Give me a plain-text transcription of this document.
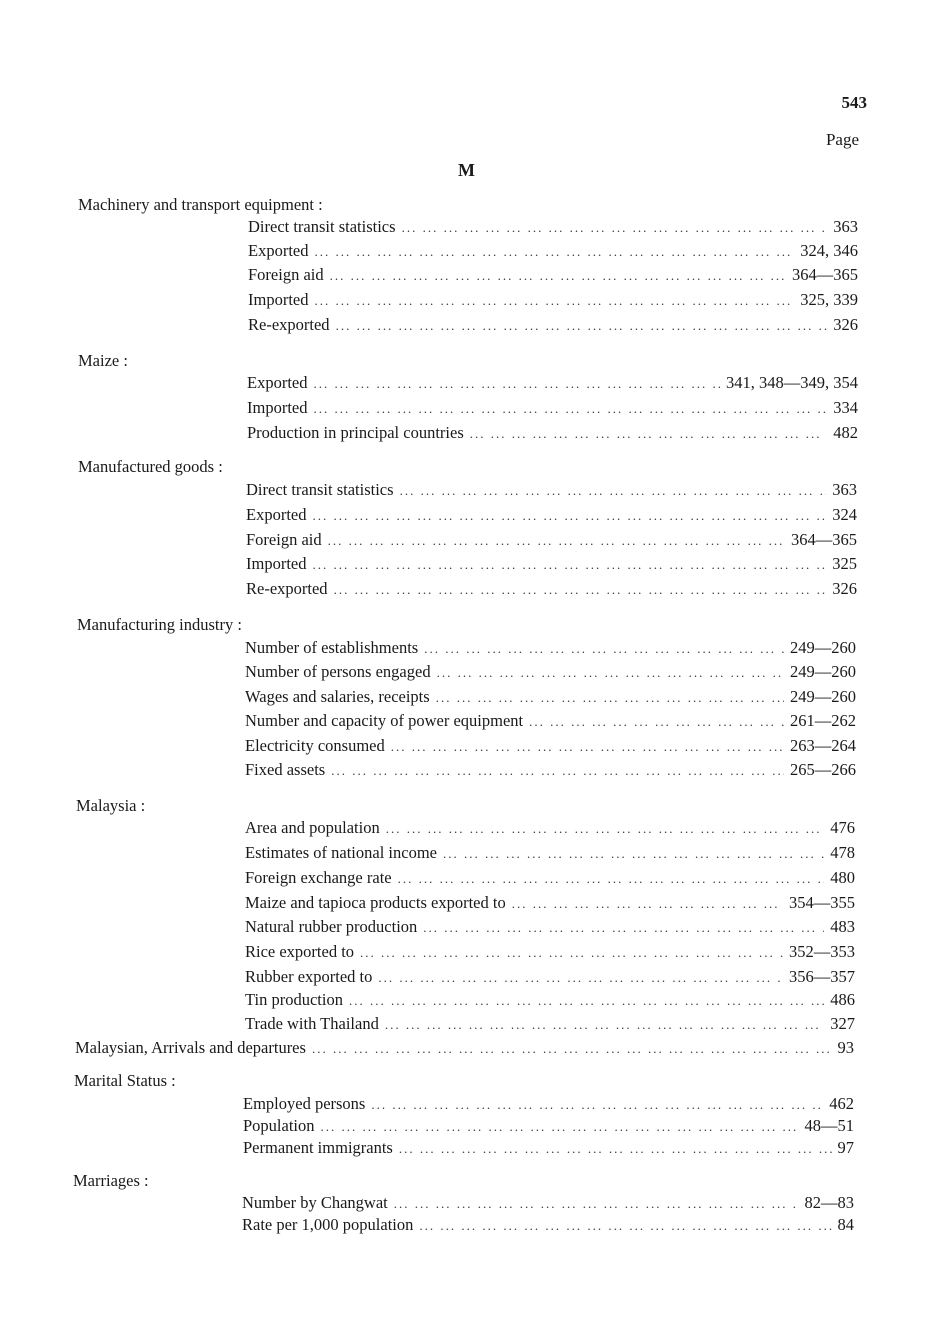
543
Page
M
Machinery and transport equipment :
Direct transit statistics ... .	363
Exported ... .	324, 346
Foreign aid ... .	364—365
Imported ... .	325, 339
Re-exported ... .	326
Maize :
Exported ... .	341, 348—349, 354
Imported ... .	334
Production in principal countries ... .	482
Manufactured goods :
Direct transit statistics ... .	363
Exported ... .	324
Foreign aid ... .	364—365
Imported ... .	325
Re-exported ... .	326
Manufacturing industry :
Number of establishments ... .	249—260
Number of persons engaged ... .	249—260
Wages and salaries, receipts ... .	249—260
Number and capacity of power equipment ... .	261—262
Electricity consumed ... .	263—264
Fixed assets ... .	265—266
Malaysia :
Area and population ... .	476
Estimates of national income ... .	478
Foreign exchange rate ... .	480
Maize and tapioca products exported to ... .	354—355
Natural rubber production ... .	483
Rice exported to ... .	352—353
Rubber exported to ... .	356—357
Tin production ... .	486
Trade with Thailand ... .	327
Malaysian, Arrivals and departures ... .	93
Marital Status :
Employed persons ... .	462
Population ... .	48—51
Permanent immigrants ... .	97
Marriages :
Number by Changwat ... .	82—83
Rate per 1,000 population ... .	84
